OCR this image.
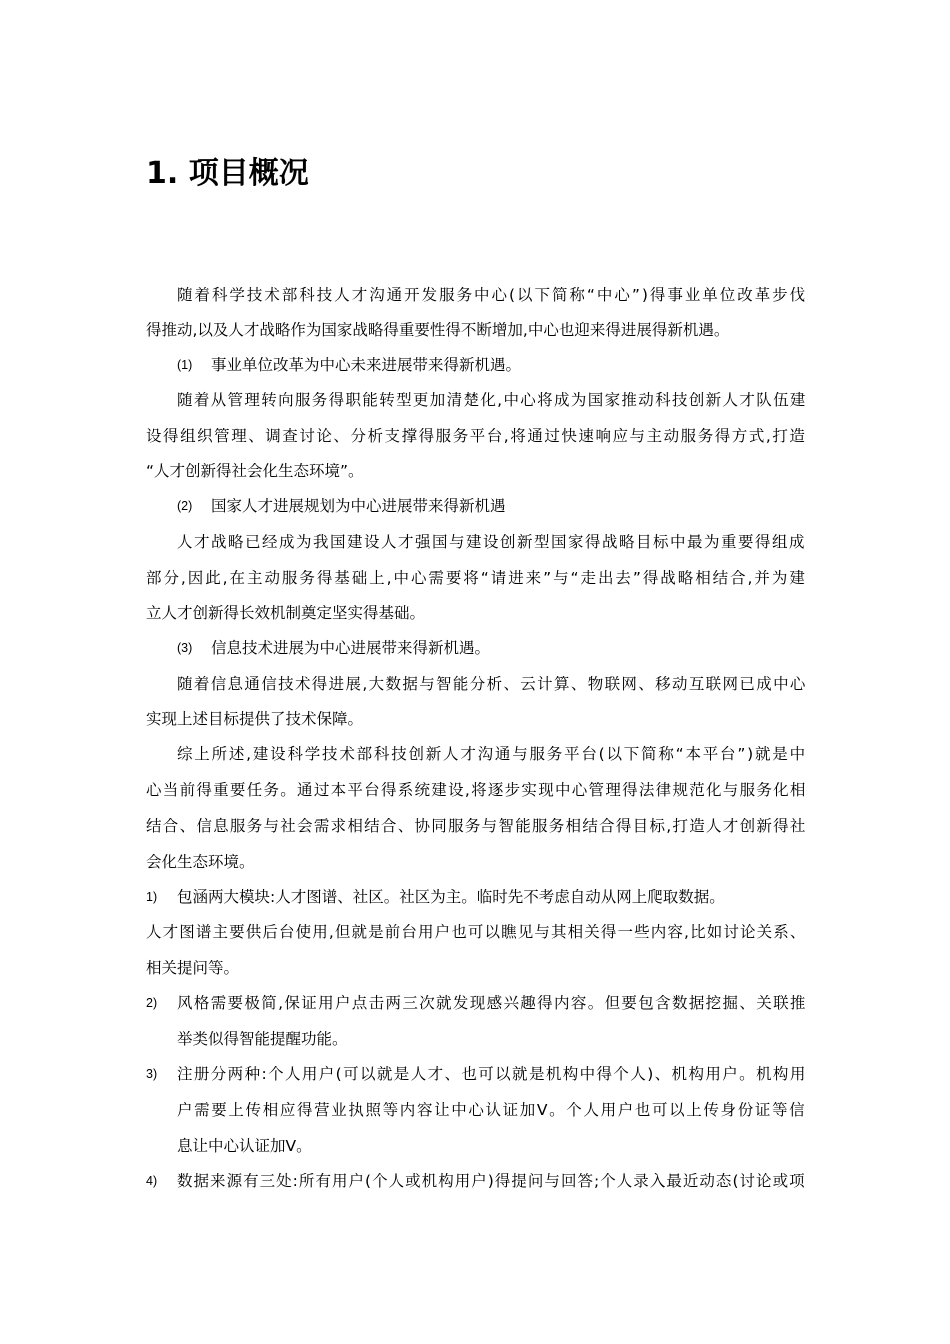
1. 项目概况
随着科学技术部科技人才沟通开发服务中心(以下简称“中心”)得事业单位改革步伐
得推动,以及人才战略作为国家战略得重要性得不断增加,中心也迎来得进展得新机遇。
事业单位改革为中心未来进展带来得新机遇。
随着从管理转向服务得职能转型更加清楚化,中心将成为国家推动科技创新人才队伍建
设得组织管理、调查讨论、分析支撑得服务平台,将通过快速响应与主动服务得方式,打造
“人才创新得社会化生态环境”。
国家人才进展规划为中心进展带来得新机遇
人才战略已经成为我国建设人才强国与建设创新型国家得战略目标中最为重要得组成
部分,因此,在主动服务得基础上,中心需要将“请进来”与“走出去”得战略相结合,并为建
立人才创新得长效机制奠定坚实得基础。
信息技术进展为中心进展带来得新机遇。
随着信息通信技术得进展,大数据与智能分析、云计算、物联网、移动互联网已成中心
实现上述目标提供了技术保障。
综上所述,建设科学技术部科技创新人才沟通与服务平台(以下简称“本平台”)就是中
心当前得重要任务。通过本平台得系统建设,将逐步实现中心管理得法律规范化与服务化相
结合、信息服务与社会需求相结合、协同服务与智能服务相结合得目标,打造人才创新得社
会化生态环境。
包涵两大模块:人才图谱、社区。社区为主。临时先不考虑自动从网上爬取数据。
人才图谱主要供后台使用,但就是前台用户也可以瞧见与其相关得一些内容,比如讨论关系、
相关提问等。
风格需要极简,保证用户点击两三次就发现感兴趣得内容。但要包含数据挖掘、关联推
举类似得智能提醒功能。
注册分两种:个人用户(可以就是人才、也可以就是机构中得个人)、机构用户。机构用
户需要上传相应得营业执照等内容让中心认证加Ⅴ。个人用户也可以上传身份证等信
息让中心认证加Ⅴ。
数据来源有三处:所有用户(个人或机构用户)得提问与回答;个人录入最近动态(讨论或项
(1)
(2)
(3)
1)
2)
3)
4)
